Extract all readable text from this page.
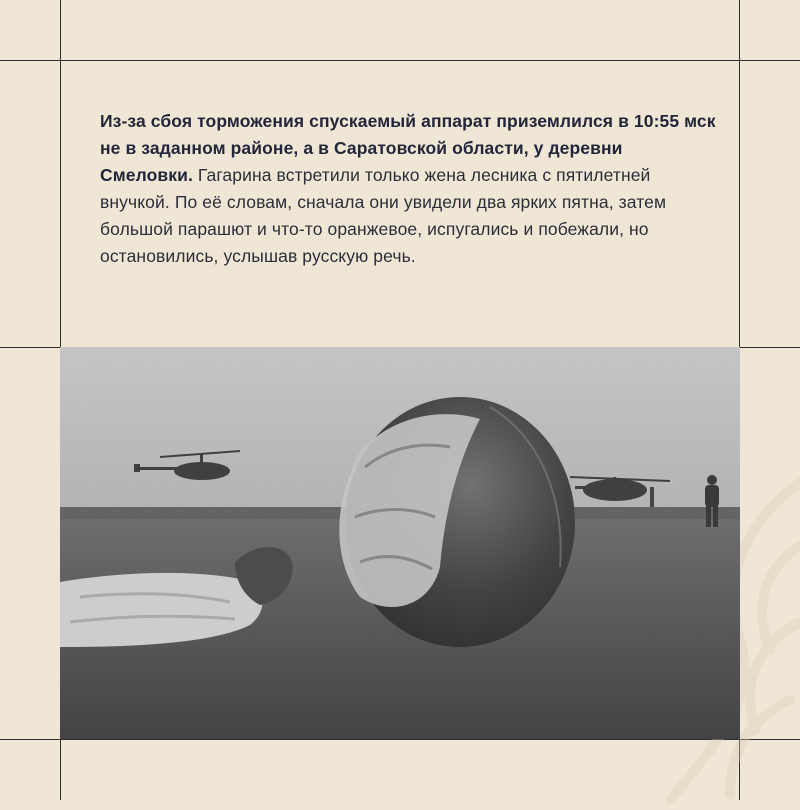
Из-за сбоя торможения спускаемый аппарат приземлился в 10:55 мск не в заданном районе, а в Саратовской области, у деревни Смеловки. Гагарина встретили только жена лесника с пятилетней внучкой. По её словам, сначала они увидели два ярких пятна, затем большой парашют и что-то оранжевое, испугались и побежали, но остановились, услышав русскую речь.
